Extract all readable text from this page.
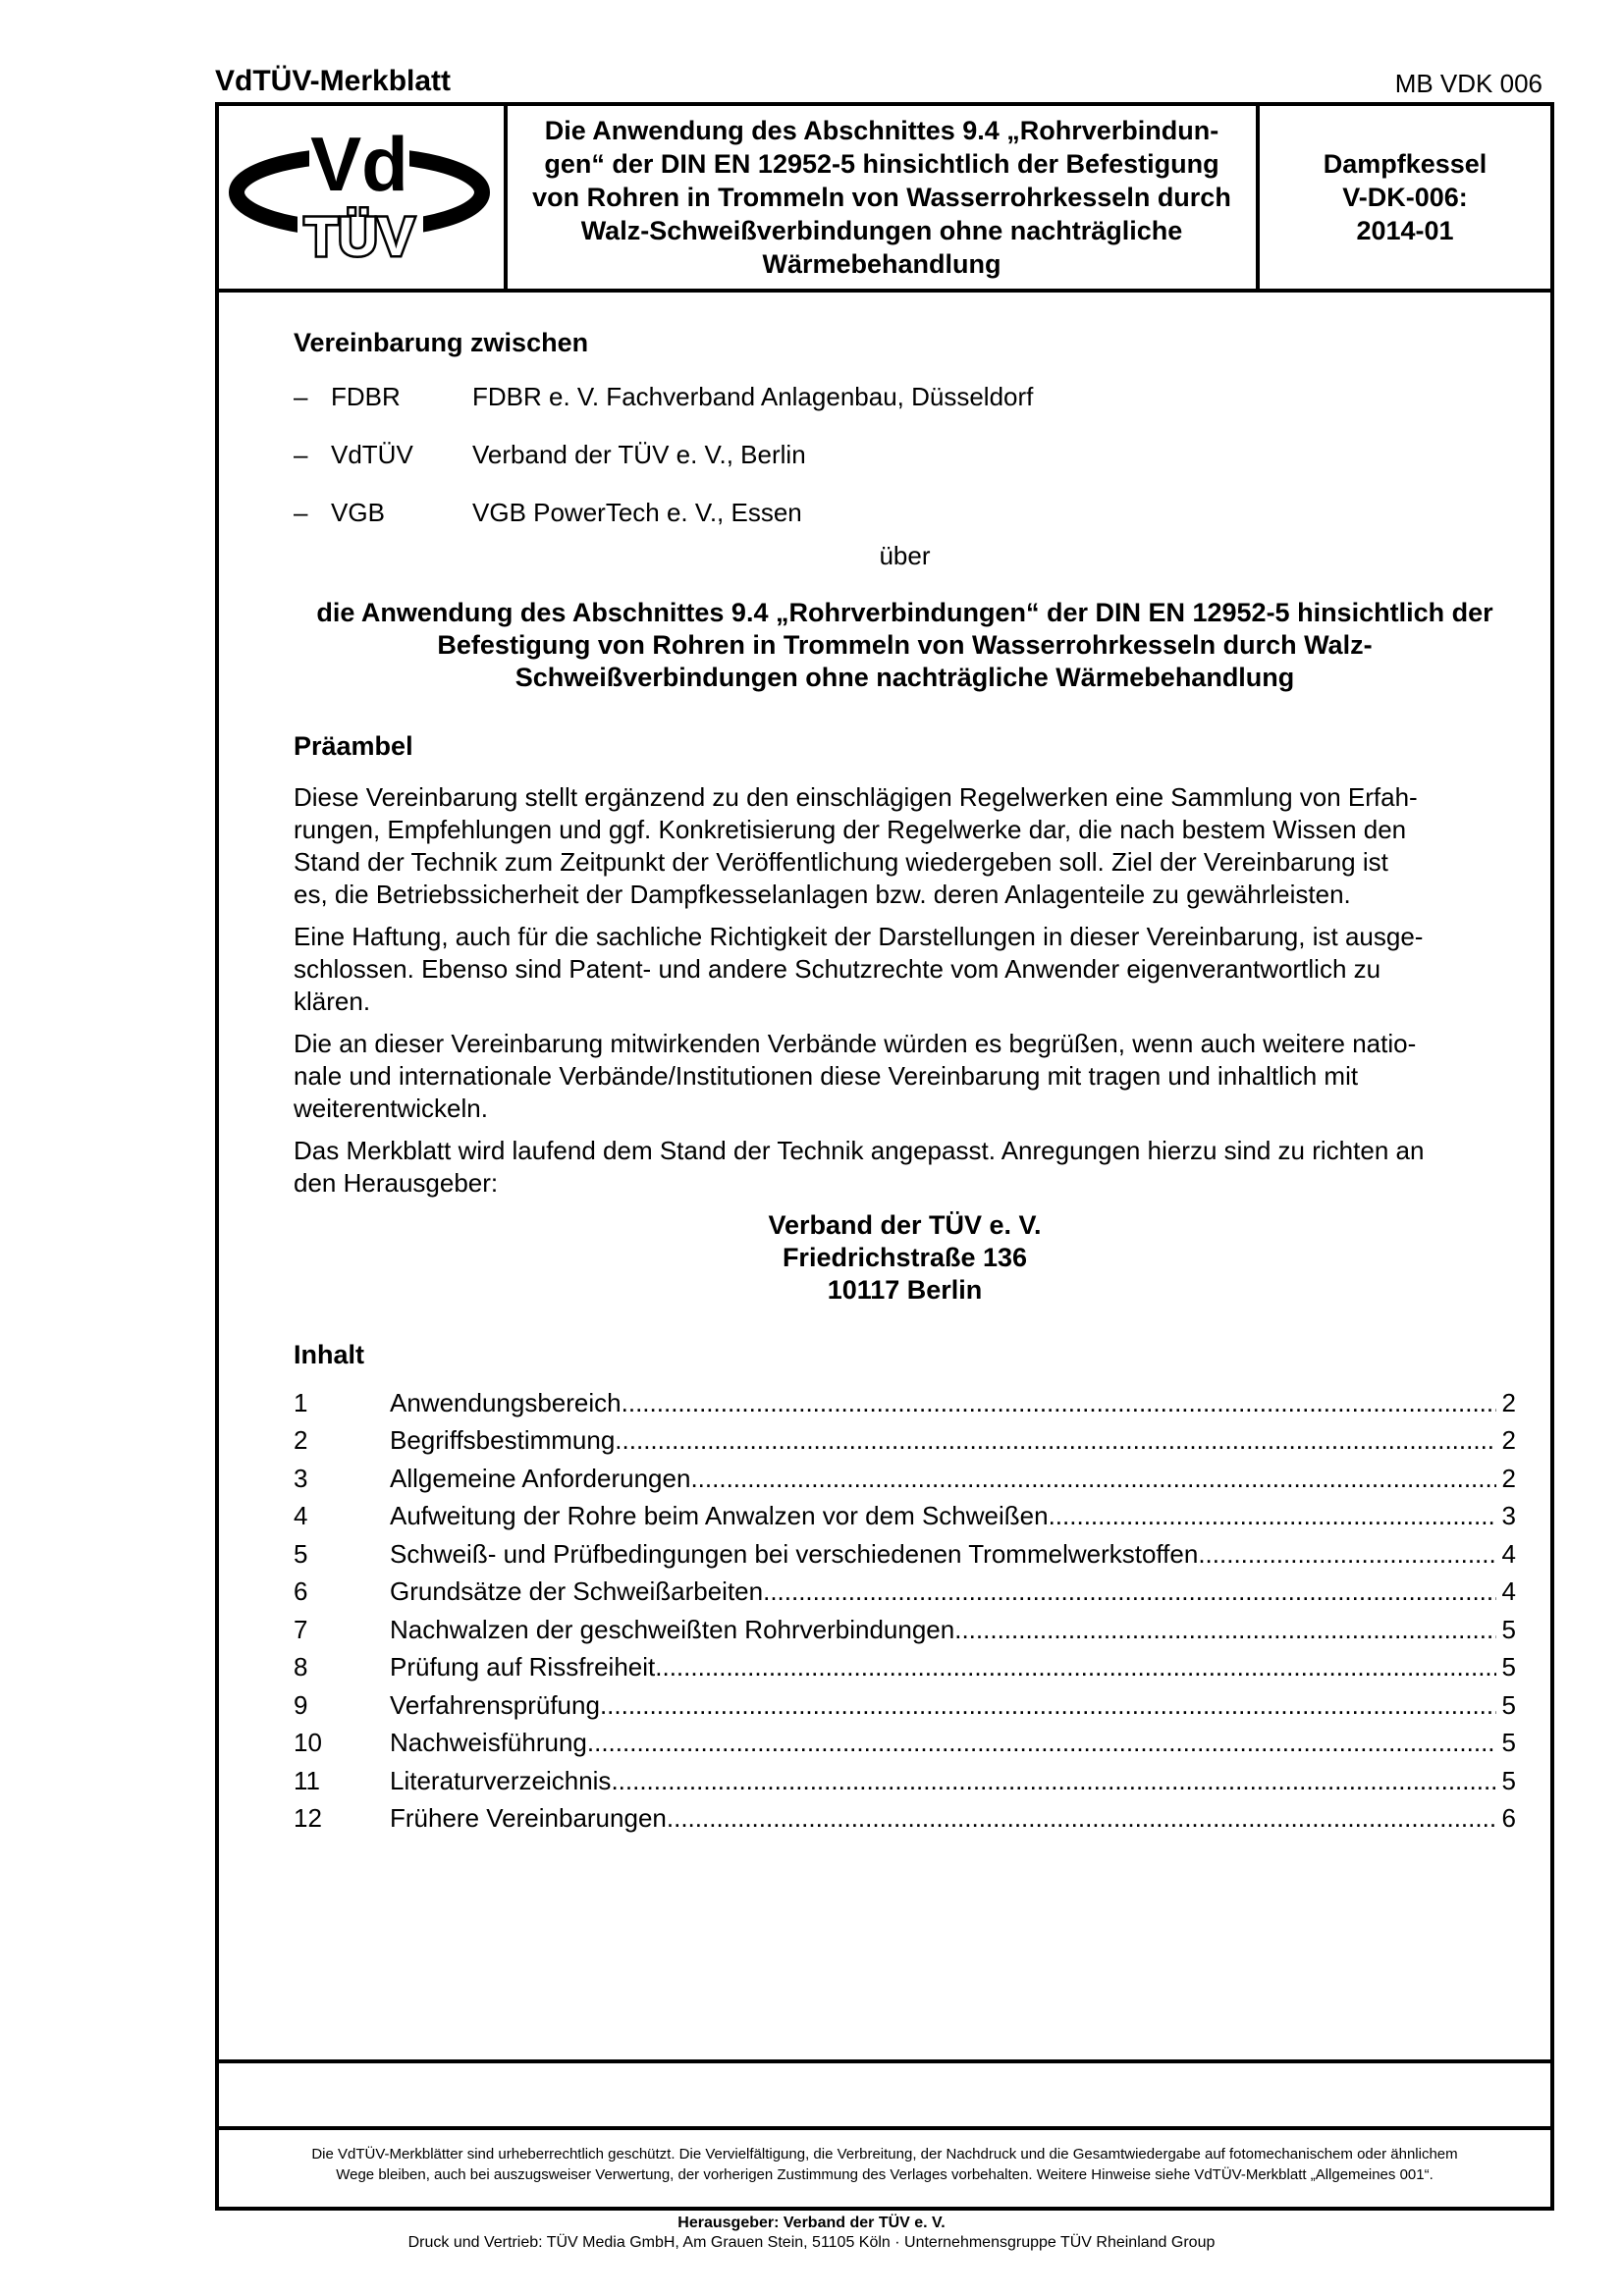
VdTÜV-Merkblatt	MB VDK 006
Vd
TÜV
Die Anwendung des Abschnittes 9.4 „Rohrverbindun-
gen“ der DIN EN 12952-5 hinsichtlich der Befestigung
von Rohren in Trommeln von Wasserrohrkesseln durch
Walz-Schweißverbindungen ohne nachträgliche
Wärmebehandlung
Dampfkessel
V-DK-006:
2014-01
Vereinbarung zwischen
– FDBR	FDBR e. V. Fachverband Anlagenbau, Düsseldorf
– VdTÜV	Verband der TÜV e. V., Berlin
– VGB	VGB PowerTech e. V., Essen
über
die Anwendung des Abschnittes 9.4 „Rohrverbindungen“ der DIN EN 12952-5 hinsichtlich der
Befestigung von Rohren in Trommeln von Wasserrohrkesseln durch Walz-
Schweißverbindungen ohne nachträgliche Wärmebehandlung
Präambel
Diese Vereinbarung stellt ergänzend zu den einschlägigen Regelwerken eine Sammlung von Erfah-
rungen, Empfehlungen und ggf. Konkretisierung der Regelwerke dar, die nach bestem Wissen den
Stand der Technik zum Zeitpunkt der Veröffentlichung wiedergeben soll. Ziel der Vereinbarung ist
es, die Betriebssicherheit der Dampfkesselanlagen bzw. deren Anlagenteile zu gewährleisten.
Eine Haftung, auch für die sachliche Richtigkeit der Darstellungen in dieser Vereinbarung, ist ausge-
schlossen. Ebenso sind Patent- und andere Schutzrechte vom Anwender eigenverantwortlich zu
klären.
Die an dieser Vereinbarung mitwirkenden Verbände würden es begrüßen, wenn auch weitere natio-
nale und internationale Verbände/Institutionen diese Vereinbarung mit tragen und inhaltlich mit
weiterentwickeln.
Das Merkblatt wird laufend dem Stand der Technik angepasst. Anregungen hierzu sind zu richten an
den Herausgeber:
Verband der TÜV e. V.
Friedrichstraße 136
10117 Berlin
Inhalt
1	Anwendungsbereich .....	2
2	Begriffsbestimmung .....	2
3	Allgemeine Anforderungen .....	2
4	Aufweitung der Rohre beim Anwalzen vor dem Schweißen .....	3
5	Schweiß- und Prüfbedingungen bei verschiedenen Trommelwerkstoffen .....	4
6	Grundsätze der Schweißarbeiten .....	4
7	Nachwalzen der geschweißten Rohrverbindungen .....	5
8	Prüfung auf Rissfreiheit .....	5
9	Verfahrensprüfung .....	5
10	Nachweisführung .....	5
11	Literaturverzeichnis .....	5
12	Frühere Vereinbarungen .....	6
Die VdTÜV-Merkblätter sind urheberrechtlich geschützt. Die Vervielfältigung, die Verbreitung, der Nachdruck und die Gesamtwiedergabe auf fotomechanischem oder ähnlichem
Wege bleiben, auch bei auszugsweiser Verwertung, der vorherigen Zustimmung des Verlages vorbehalten. Weitere Hinweise siehe VdTÜV-Merkblatt „Allgemeines 001“.
Herausgeber: Verband der TÜV e. V.
Druck und Vertrieb: TÜV Media GmbH, Am Grauen Stein, 51105 Köln · Unternehmensgruppe TÜV Rheinland Group
